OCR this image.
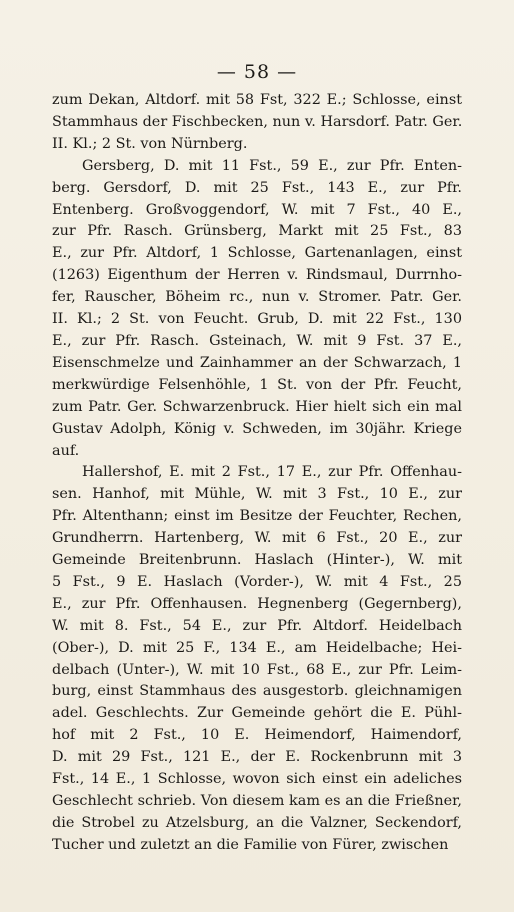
— 58 —
zum Dekan, Altdorf. mit 58 Fst, 322 E.; Schlosse, einst
Stammhaus der Fischbecken, nun v. Harsdorf. Patr. Ger.
II. Kl.; 2 St. von Nürnberg.
Gersberg, D. mit 11 Fst., 59 E., zur Pfr. Enten-
berg. Gersdorf, D. mit 25 Fst., 143 E., zur Pfr.
Entenberg. Großvoggendorf, W. mit 7 Fst., 40 E.,
zur Pfr. Rasch. Grünsberg, Markt mit 25 Fst., 83
E., zur Pfr. Altdorf, 1 Schlosse, Gartenanlagen, einst
(1263) Eigenthum der Herren v. Rindsmaul, Durrnho-
fer, Rauscher, Böheim rc., nun v. Stromer. Patr. Ger.
II. Kl.; 2 St. von Feucht. Grub, D. mit 22 Fst., 130
E., zur Pfr. Rasch. Gsteinach, W. mit 9 Fst. 37 E.,
Eisenschmelze und Zainhammer an der Schwarzach, 1
merkwürdige Felsenhöhle, 1 St. von der Pfr. Feucht,
zum Patr. Ger. Schwarzenbruck. Hier hielt sich ein mal
Gustav Adolph, König v. Schweden, im 30jähr. Kriege
auf.
Hallershof, E. mit 2 Fst., 17 E., zur Pfr. Offenhau-
sen. Hanhof, mit Mühle, W. mit 3 Fst., 10 E., zur
Pfr. Altenthann; einst im Besitze der Feuchter, Rechen,
Grundherrn. Hartenberg, W. mit 6 Fst., 20 E., zur
Gemeinde Breitenbrunn. Haslach (Hinter-), W. mit
5 Fst., 9 E. Haslach (Vorder-), W. mit 4 Fst., 25
E., zur Pfr. Offenhausen. Hegnenberg (Gegernberg),
W. mit 8. Fst., 54 E., zur Pfr. Altdorf. Heidelbach
(Ober-), D. mit 25 F., 134 E., am Heidelbache; Hei-
delbach (Unter-), W. mit 10 Fst., 68 E., zur Pfr. Leim-
burg, einst Stammhaus des ausgestorb. gleichnamigen
adel. Geschlechts. Zur Gemeinde gehört die E. Pühl-
hof mit 2 Fst., 10 E. Heimendorf, Haimendorf,
D. mit 29 Fst., 121 E., der E. Rockenbrunn mit 3
Fst., 14 E., 1 Schlosse, wovon sich einst ein adeliches
Geschlecht schrieb. Von diesem kam es an die Frießner,
die Strobel zu Atzelsburg, an die Valzner, Seckendorf,
Tucher und zuletzt an die Familie von Fürer, zwischen
